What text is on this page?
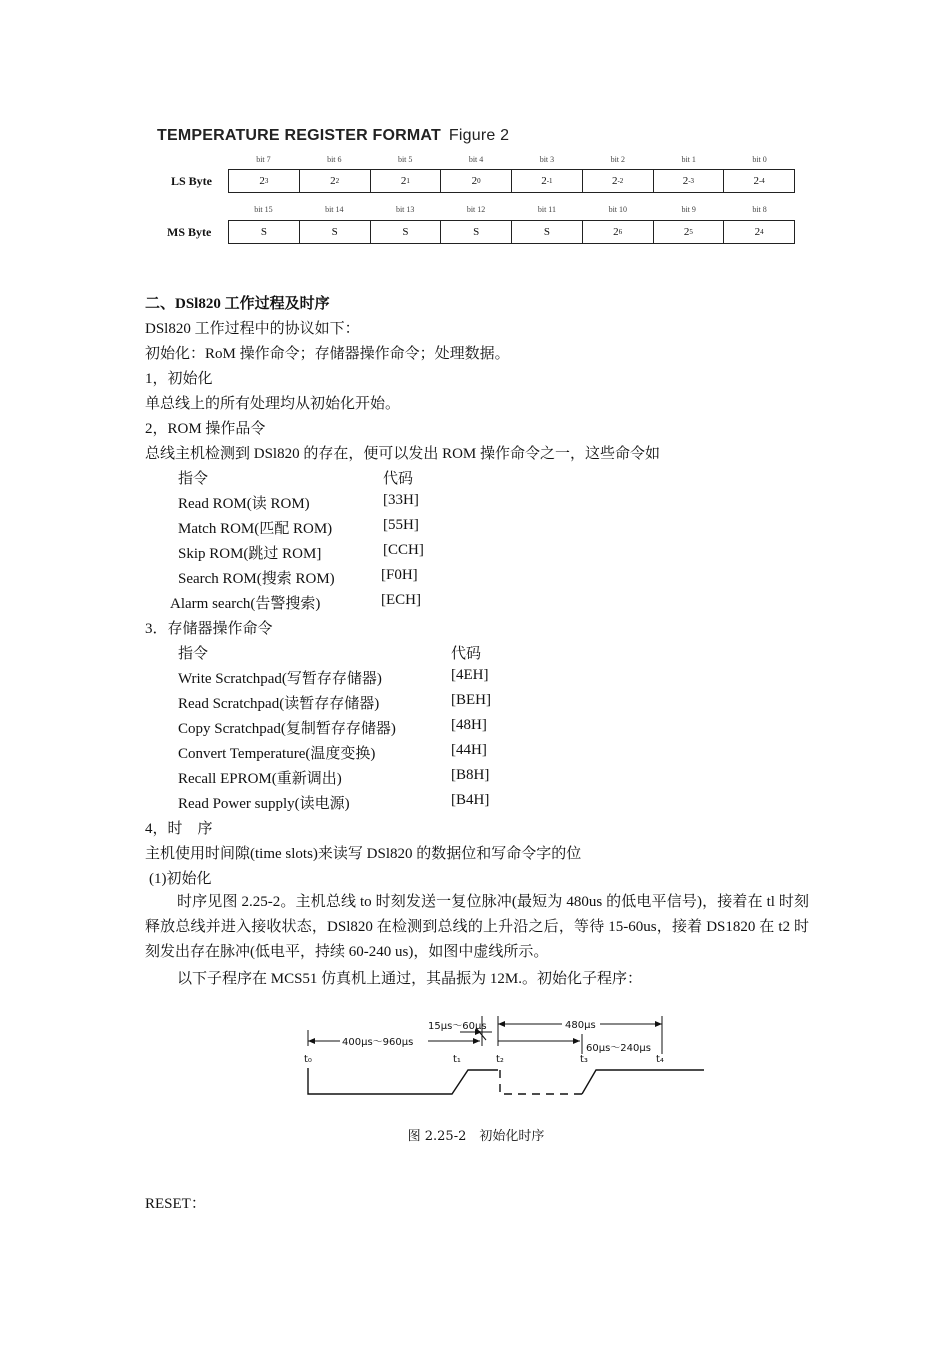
TEMPERATURE REGISTER FORMAT Figure 2
bit 7	bit 6	bit 5	bit 4	bit 3	bit 2	bit 1	bit 0
LS Byte	2 3	2 2	2 1	2 0	2 -1	2 -2	2 -3	2 -4
bit 15	bit 14	bit 13	bit 12	bit 11	bit 10	bit 9	bit 8
MS Byte	S	S	S	S	S	2 6	2 5	2 4
二、DSl820 工作过程及时序
DSl820 工作过程中的协议如下：
初始化：RoM 操作命令；存储器操作命令；处理数据。
1，初始化
单总线上的所有处理均从初始化开始。
2，ROM 操作品令
总线主机检测到 DSl820 的存在，便可以发出 ROM 操作命令之一，这些命令如
指令	代码
Read ROM(读 ROM)	[33H]
Match ROM(匹配 ROM)	[55H]
Skip ROM(跳过 ROM]	[CCH]
Search ROM(搜索 ROM)	[F0H]
Alarm search(告警搜索)	[ECH]
3．存储器操作命令
指令	代码
Write Scratchpad(写暂存存储器)	[4EH]
Read Scratchpad(读暂存存储器)	[BEH]
Copy Scratchpad(复制暂存存储器)	[48H]
Convert Temperature(温度变换)	[44H]
Recall EPROM(重新调出)	[B8H]
Read Power supply(读电源)	[B4H]
4，时　序
主机使用时间隙(time slots)来读写 DSl820 的数据位和写命令字的位
(1)初始化
时序见图 2.25-2。主机总线 to 时刻发送一复位脉冲(最短为 480us 的低电平信号)，接着在 tl 时刻释放总线并进入接收状态，DSl820 在检测到总线的上升沿之后，等待 15-60us，接着 DS1820 在 t2 时刻发出存在脉冲(低电平，持续 60-240 us)，如图中虚线所示。
以下子程序在 MCS51 仿真机上通过，其晶振为 12M.。初始化子程序：
15μs～60μs	480μs
400μs～960μs
60μs～240μs
t₀	t₁	t₂	t₃	t₄
图 2.25-2　初始化时序
RESET：
